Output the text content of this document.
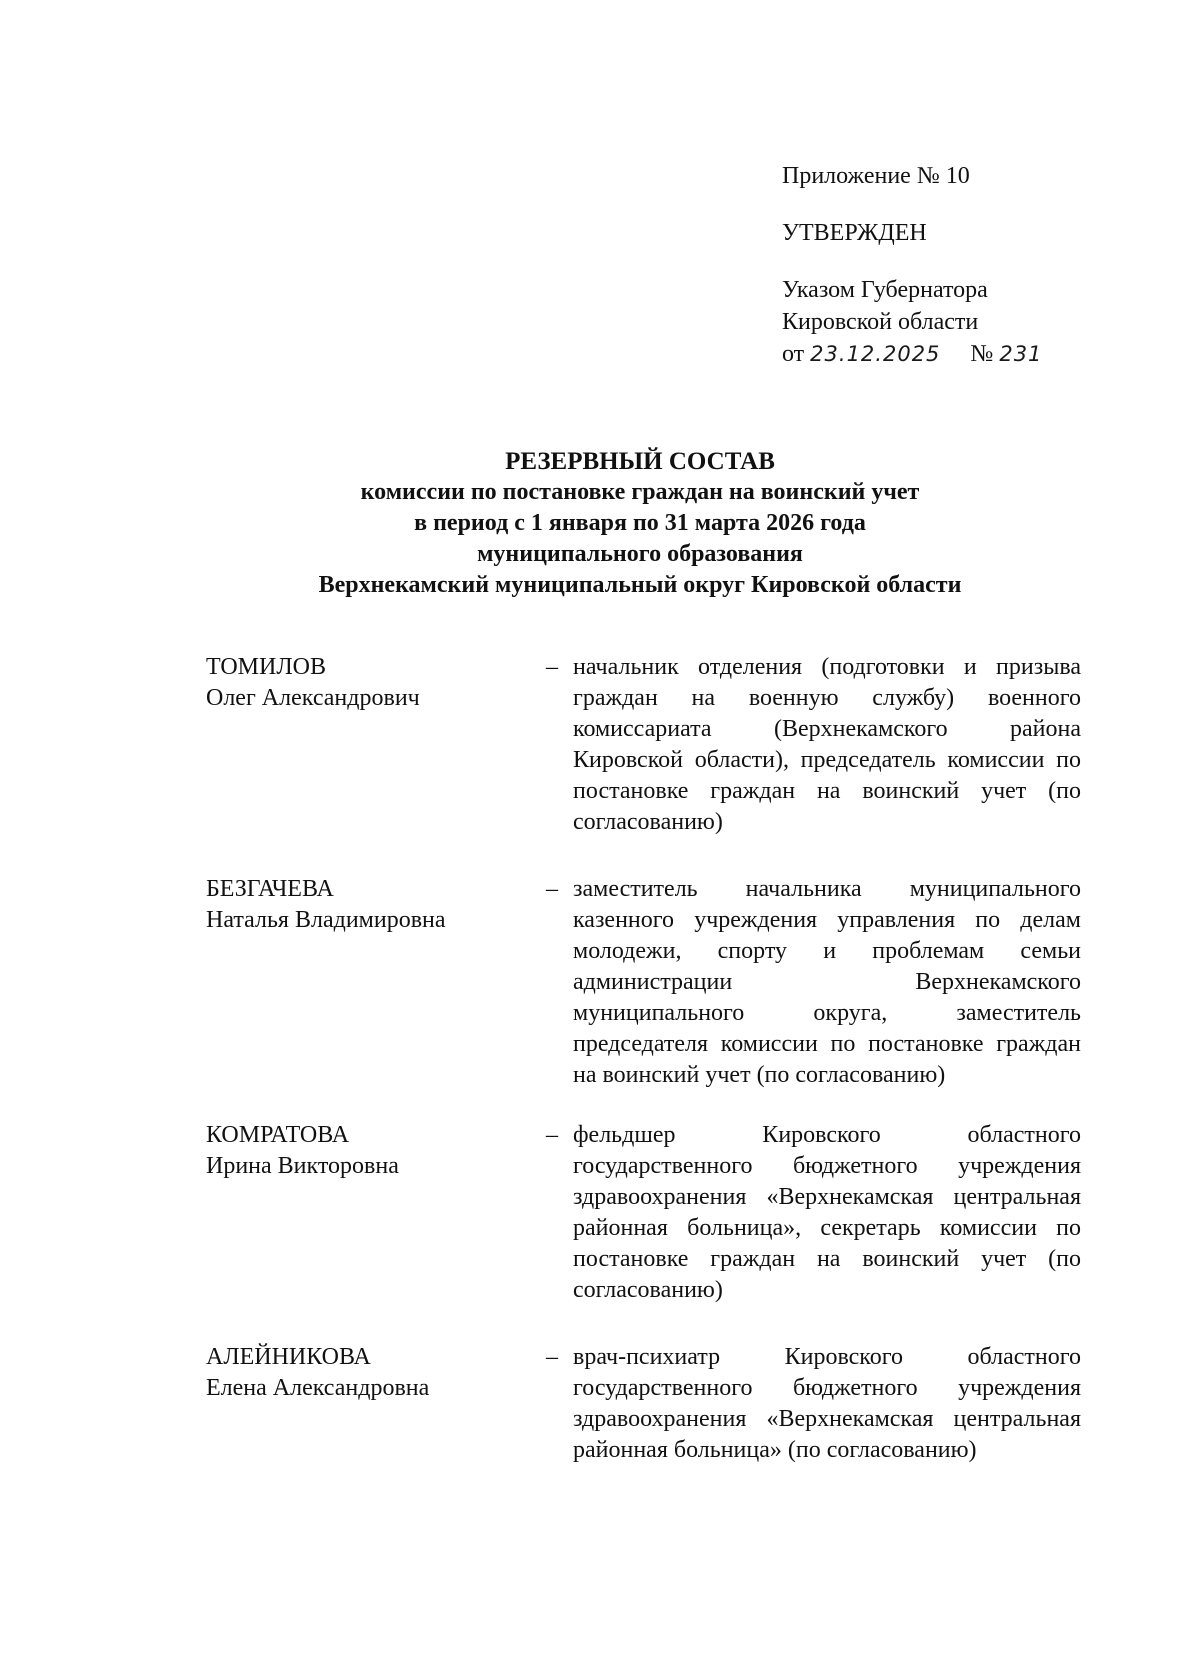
Приложение № 10
УТВЕРЖДЕН
Указом Губернатора
Кировской области
от 23.12.2025 № 231
РЕЗЕРВНЫЙ СОСТАВ
комиссии по постановке граждан на воинский учет
в период с 1 января по 31 марта 2026 года
муниципального образования
Верхнекамский муниципальный округ Кировской области
ТОМИЛОВ
Олег Александрович
– начальник отделения (подготовки и призыва граждан на военную службу) военного комиссариата (Верхнекамского района Кировской области), председатель комиссии по постановке граждан на воинский учет (по согласованию)
БЕЗГАЧЕВА
Наталья Владимировна
– заместитель начальника муниципального казенного учреждения управления по делам молодежи, спорту и проблемам семьи администрации Верхнекамского муниципального округа, заместитель председателя комиссии по постановке граждан на воинский учет (по согласованию)
КОМРАТОВА
Ирина Викторовна
– фельдшер Кировского областного государственного бюджетного учреждения здравоохранения «Верхнекамская центральная районная больница», секретарь комиссии по постановке граждан на воинский учет (по согласованию)
АЛЕЙНИКОВА
Елена Александровна
– врач-психиатр Кировского областного государственного бюджетного учреждения здравоохранения «Верхнекамская центральная районная больница» (по согласованию)
